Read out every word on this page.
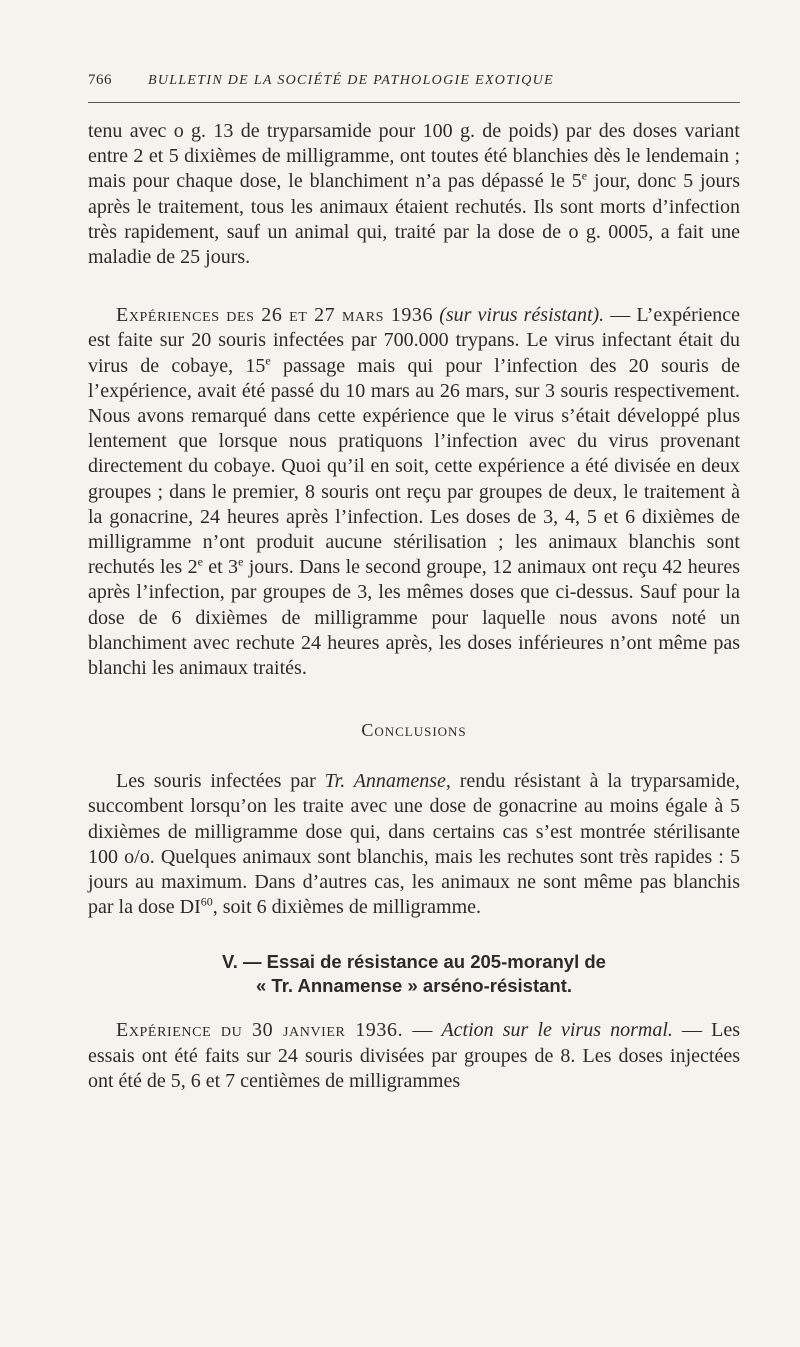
766	BULLETIN DE LA SOCIÉTÉ DE PATHOLOGIE EXOTIQUE

tenu avec o g. 13 de tryparsamide pour 100 g. de poids) par des doses variant entre 2 et 5 dixièmes de milligramme, ont toutes été blanchies dès le lendemain ; mais pour chaque dose, le blanchiment n’a pas dépassé le 5e jour, donc 5 jours après le traitement, tous les animaux étaient rechutés. Ils sont morts d’infection très rapidement, sauf un animal qui, traité par la dose de o g. 0005, a fait une maladie de 25 jours.

Expériences des 26 et 27 mars 1936 (sur virus résistant). — L’expérience est faite sur 20 souris infectées par 700.000 trypans. Le virus infectant était du virus de cobaye, 15e passage mais qui pour l’infection des 20 souris de l’expérience, avait été passé du 10 mars au 26 mars, sur 3 souris respectivement. Nous avons remarqué dans cette expérience que le virus s’était développé plus lentement que lorsque nous pratiquons l’infection avec du virus provenant directement du cobaye. Quoi qu’il en soit, cette expérience a été divisée en deux groupes ; dans le premier, 8 souris ont reçu par groupes de deux, le traitement à la gonacrine, 24 heures après l’infection. Les doses de 3, 4, 5 et 6 dixièmes de milligramme n’ont produit aucune stérilisation ; les animaux blanchis sont rechutés les 2e et 3e jours. Dans le second groupe, 12 animaux ont reçu 42 heures après l’infection, par groupes de 3, les mêmes doses que ci-dessus. Sauf pour la dose de 6 dixièmes de milligramme pour laquelle nous avons noté un blanchiment avec rechute 24 heures après, les doses inférieures n’ont même pas blanchi les animaux traités.

Conclusions

Les souris infectées par Tr. Annamense, rendu résistant à la tryparsamide, succombent lorsqu’on les traite avec une dose de gonacrine au moins égale à 5 dixièmes de milligramme dose qui, dans certains cas s’est montrée stérilisante 100 o/o. Quelques animaux sont blanchis, mais les rechutes sont très rapides : 5 jours au maximum. Dans d’autres cas, les animaux ne sont même pas blanchis par la dose DI$^{60}$, soit 6 dixièmes de milligramme.

V. — Essai de résistance au 205-moranyl de

« Tr. Annamense » arséno-résistant.

Expérience du 30 janvier 1936. — Action sur le virus normal. — Les essais ont été faits sur 24 souris divisées par groupes de 8. Les doses injectées ont été de 5, 6 et 7 centièmes de milligrammes
